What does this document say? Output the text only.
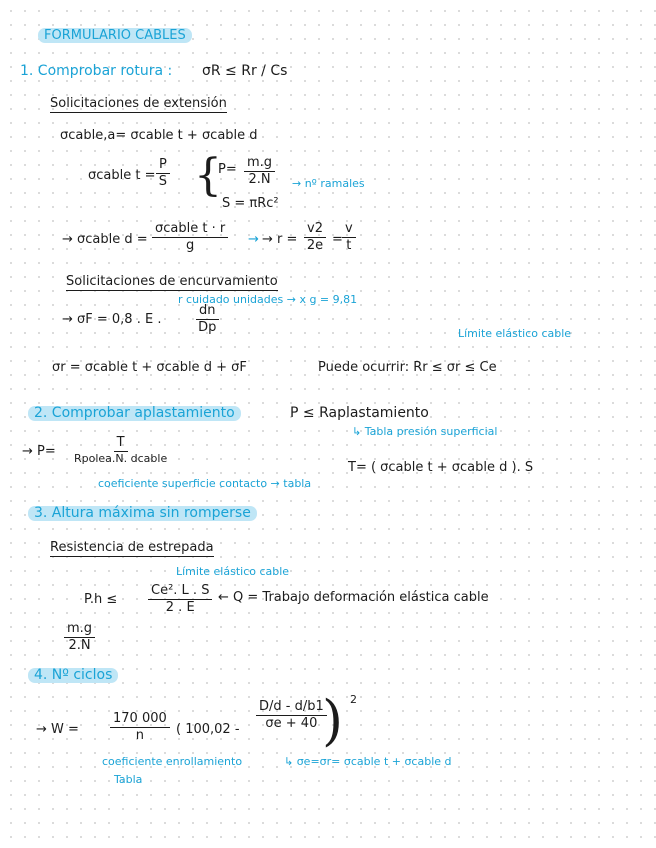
FORMULARIO CABLES
1. Comprobar rotura : σR ≤ Rr / Cs
Solicitaciones de extensión
σcable,a= σcable t + σcable d
σcable $t = \frac{P}{S}$ {
$P= \frac{m.g}{2.N}$ → nº ramales
S = πRc²
→ σcable d =
σcable t · r
g	→ → $r = \frac{v2}{2e} = \frac{v}{t}$
Solicitaciones de encurvamiento
r cuidado unidades → x g = 9,81
→ σF = 0,8 . E .	$\frac{dn}{Dp}$	Límite elástico cable
σr = σcable t + σcable d + σF	Puede ocurrir: Rr ≤ σr ≤ Ce
2. Comprobar aplastamiento	P ≤ Raplastamiento
↳ Tabla presión superficial
→ P=
T
Rpolea.N. dcable
T= ( σcable t + σcable d ). S
coeficiente superficie contacto → tabla
3. Altura máxima sin romperse
Resistencia de estrepada
Límite elástico cable
$P.h \le \frac{\text{Ce². L . S}}{2 . E}$ ← Q = Trabajo deformación elástica cable
$\frac{m.g}{2.N}$
4. Nº ciclos
→ $W = \frac{170 000}{n}$ ( $100,02 - \frac{D/d - d/b1}{\sigma e + 40}$
) 2
coeficiente enrollamiento	↳ σe=σr= σcable t + σcable d
Tabla
